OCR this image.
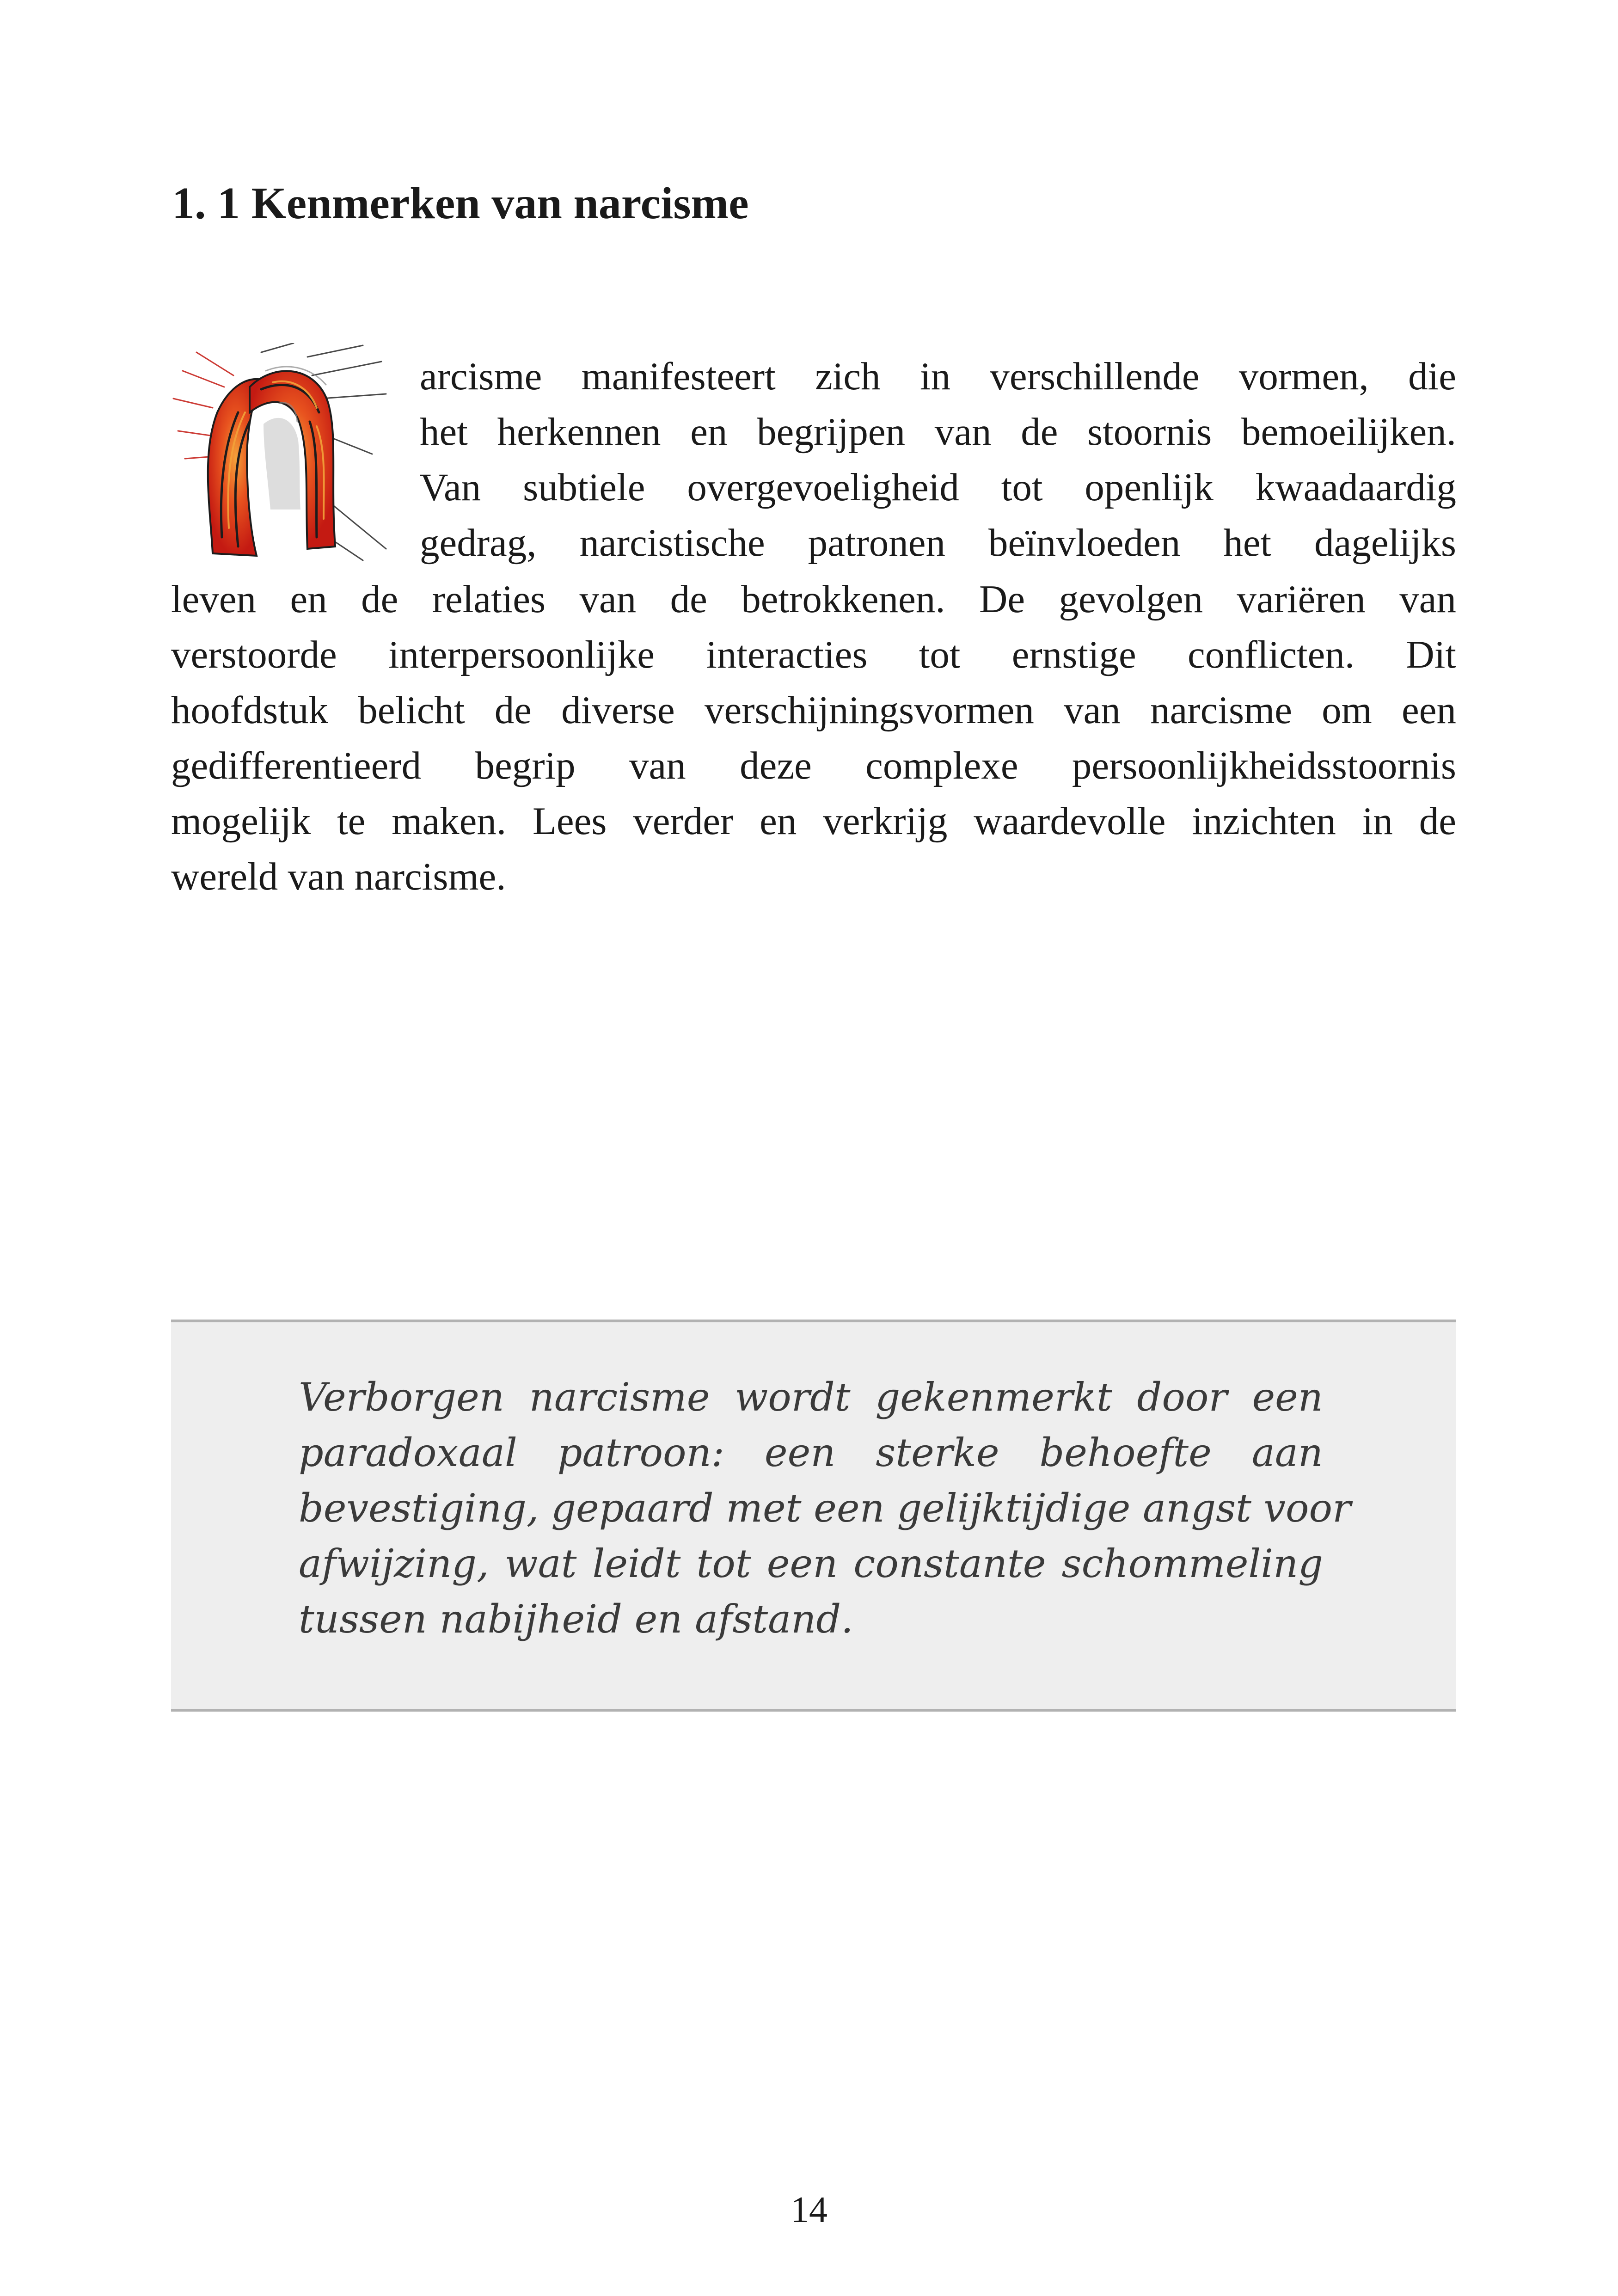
1. 1 Kenmerken van narcisme
arcisme manifesteert zich in verschillende vormen, die
het herkennen en begrijpen van de stoornis bemoeilijken.
Van subtiele overgevoeligheid tot openlijk kwaadaardig
gedrag, narcistische patronen beïnvloeden het dagelijks
leven en de relaties van de betrokkenen. De gevolgen variëren van
verstoorde interpersoonlijke interacties tot ernstige conflicten. Dit
hoofdstuk belicht de diverse verschijningsvormen van narcisme om een
gedifferentieerd begrip van deze complexe persoonlijkheidsstoornis
mogelijk te maken. Lees verder en verkrijg waardevolle inzichten in de
wereld van narcisme.
Verborgen narcisme wordt gekenmerkt door een
paradoxaal patroon: een sterke behoefte aan
bevestiging, gepaard met een gelijktijdige angst voor
afwijzing, wat leidt tot een constante schommeling
tussen nabijheid en afstand.
14
